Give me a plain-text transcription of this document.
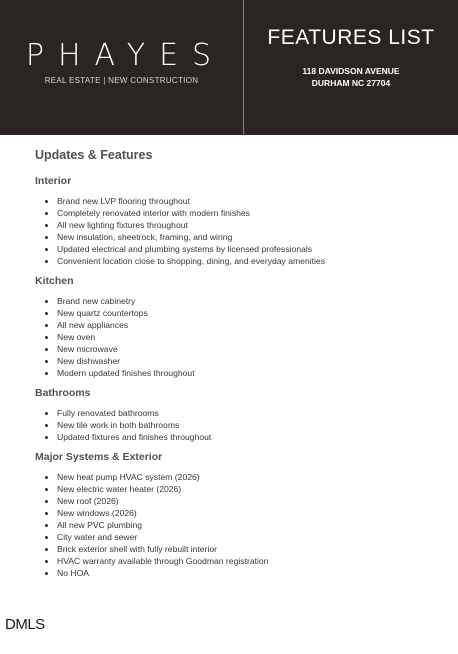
PHAYES
REAL ESTATE | NEW CONSTRUCTION
FEATURES LIST
118 DAVIDSON AVENUE
DURHAM NC 27704
Updates & Features
Interior
• Brand new LVP flooring throughout
• Completely renovated interior with modern finishes
• All new lighting fixtures throughout
• New insulation, sheetrock, framing, and wiring
• Updated electrical and plumbing systems by licensed professionals
• Convenient location close to shopping, dining, and everyday amenities
Kitchen
• Brand new cabinetry
• New quartz countertops
• All new appliances
• New oven
• New microwave
• New dishwasher
• Modern updated finishes throughout
Bathrooms
• Fully renovated bathrooms
• New tile work in both bathrooms
• Updated fixtures and finishes throughout
Major Systems & Exterior
• New heat pump HVAC system (2026)
• New electric water heater (2026)
• New roof (2026)
• New windows (2026)
• All new PVC plumbing
• City water and sewer
• Brick exterior shell with fully rebuilt interior
• HVAC warranty available through Goodman registration
• No HOA
DMLS
